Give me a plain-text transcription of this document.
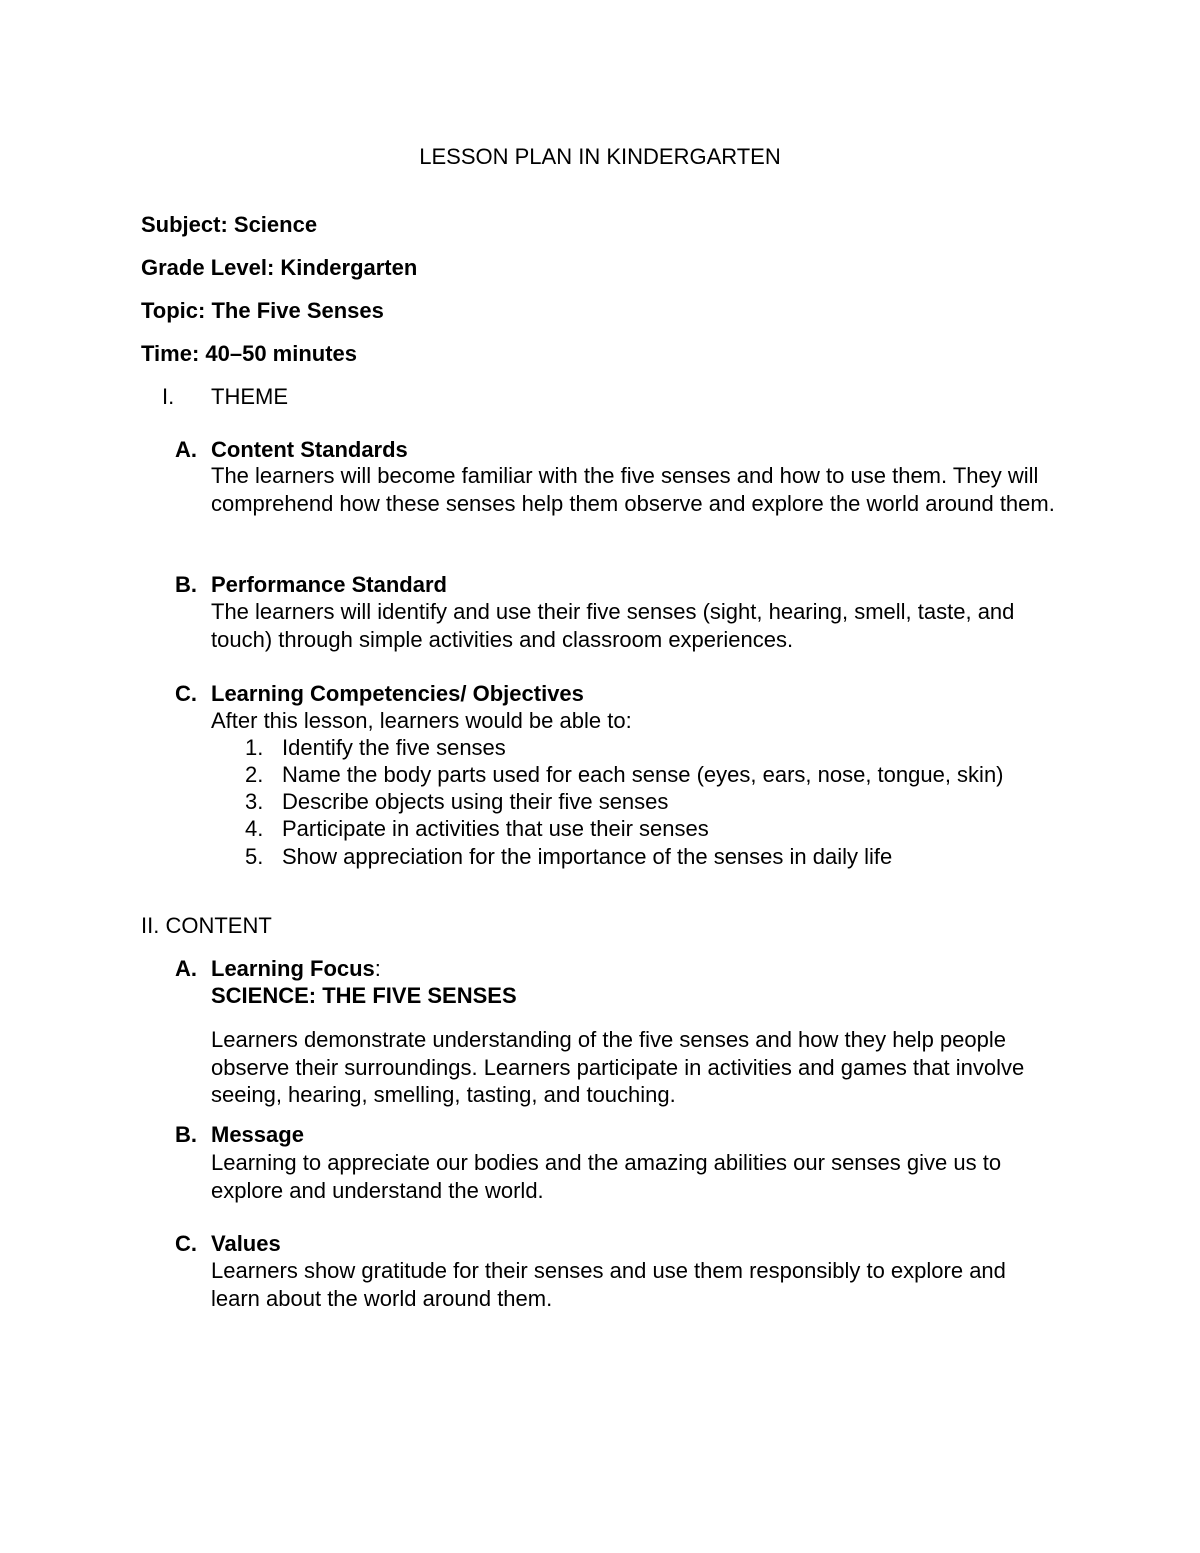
LESSON PLAN IN KINDERGARTEN
Subject: Science
Grade Level: Kindergarten
Topic: The Five Senses
Time: 40–50 minutes
I. THEME
A. Content Standards
The learners will become familiar with the five senses and how to use them. They will comprehend how these senses help them observe and explore the world around them.
B. Performance Standard
The learners will identify and use their five senses (sight, hearing, smell, taste, and touch) through simple activities and classroom experiences.
C. Learning Competencies/ Objectives
After this lesson, learners would be able to:
1. Identify the five senses
2. Name the body parts used for each sense (eyes, ears, nose, tongue, skin)
3. Describe objects using their five senses
4. Participate in activities that use their senses
5. Show appreciation for the importance of the senses in daily life
II. CONTENT
A. Learning Focus:
SCIENCE: THE FIVE SENSES
Learners demonstrate understanding of the five senses and how they help people observe their surroundings. Learners participate in activities and games that involve seeing, hearing, smelling, tasting, and touching.
B. Message
Learning to appreciate our bodies and the amazing abilities our senses give us to explore and understand the world.
C. Values
Learners show gratitude for their senses and use them responsibly to explore and learn about the world around them.
